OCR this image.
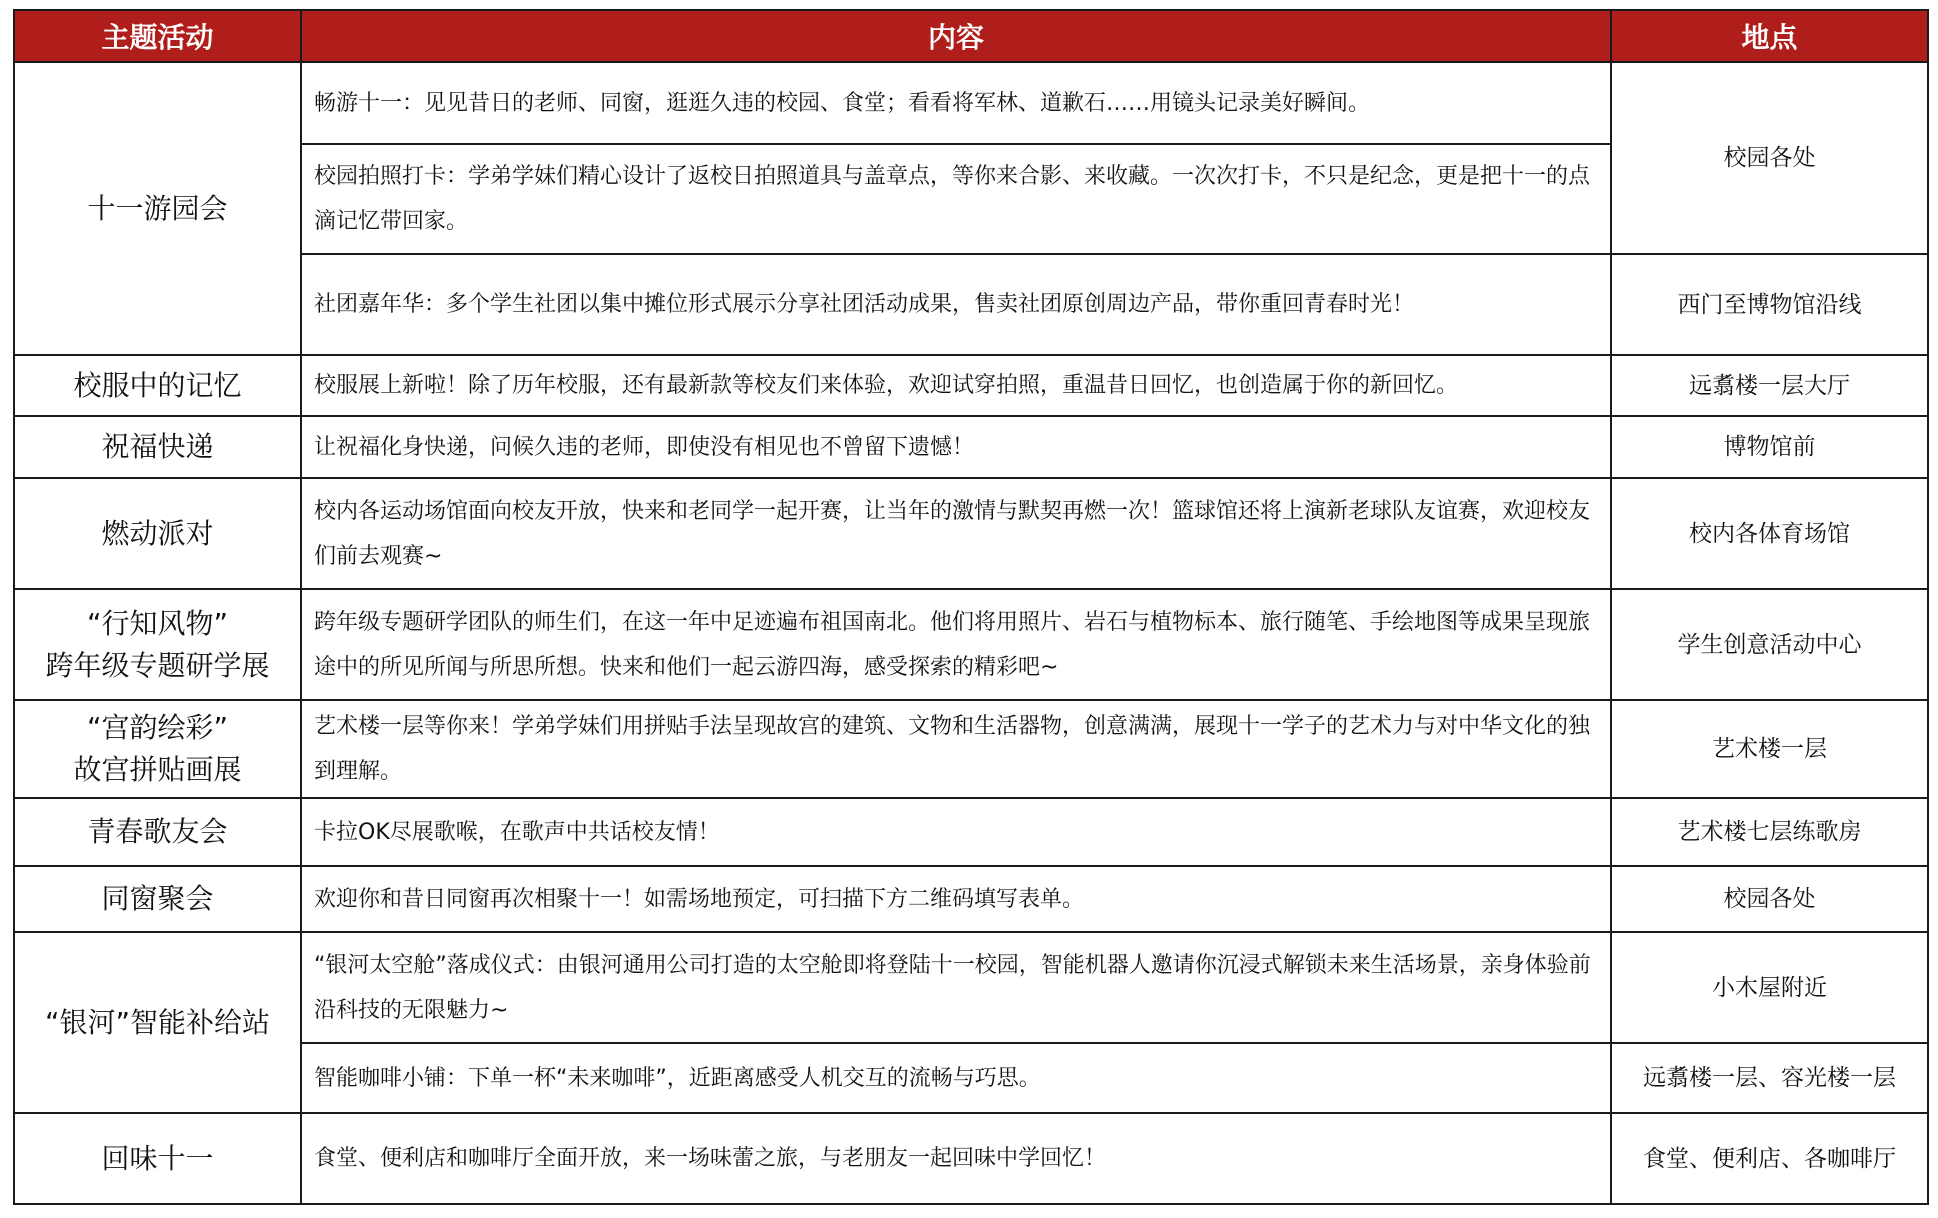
主题活动	内容	地点

十一游园会	畅游十一：见见昔日的老师、同窗，逛逛久违的校园、食堂；看看将军林、道歉石……用镜头记录美好瞬间。	校园各处

	校园拍照打卡：学弟学妹们精心设计了返校日拍照道具与盖章点，等你来合影、来收藏。一次次打卡，不只是纪念，更是把十一的点滴记忆带回家。	
	社团嘉年华：多个学生社团以集中摊位形式展示分享社团活动成果，售卖社团原创周边产品，带你重回青春时光！	西门至博物馆沿线

校服中的记忆	校服展上新啦！除了历年校服，还有最新款等校友们来体验，欢迎试穿拍照，重温昔日回忆，也创造属于你的新回忆。	远翥楼一层大厅

祝福快递	让祝福化身快递，问候久违的老师，即使没有相见也不曾留下遗憾！	博物馆前

燃动派对	校内各运动场馆面向校友开放，快来和老同学一起开赛，让当年的激情与默契再燃一次！篮球馆还将上演新老球队友谊赛，欢迎校友们前去观赛~	校内各体育场馆

“行知风物”
跨年级专题研学展	跨年级专题研学团队的师生们，在这一年中足迹遍布祖国南北。他们将用照片、岩石与植物标本、旅行随笔、手绘地图等成果呈现旅途中的所见所闻与所思所想。快来和他们一起云游四海，感受探索的精彩吧~	学生创意活动中心

“宫韵绘彩”
故宫拼贴画展	艺术楼一层等你来！学弟学妹们用拼贴手法呈现故宫的建筑、文物和生活器物，创意满满，展现十一学子的艺术力与对中华文化的独到理解。	艺术楼一层

青春歌友会	卡拉OK尽展歌喉，在歌声中共话校友情！	艺术楼七层练歌房

同窗聚会	欢迎你和昔日同窗再次相聚十一！如需场地预定，可扫描下方二维码填写表单。	校园各处

“银河”智能补给站	“银河太空舱”落成仪式：由银河通用公司打造的太空舱即将登陆十一校园，智能机器人邀请你沉浸式解锁未来生活场景，亲身体验前沿科技的无限魅力~	小木屋附近

	智能咖啡小铺：下单一杯“未来咖啡”，近距离感受人机交互的流畅与巧思。	远翥楼一层、容光楼一层

回味十一	食堂、便利店和咖啡厅全面开放，来一场味蕾之旅，与老朋友一起回味中学回忆！	食堂、便利店、各咖啡厅
